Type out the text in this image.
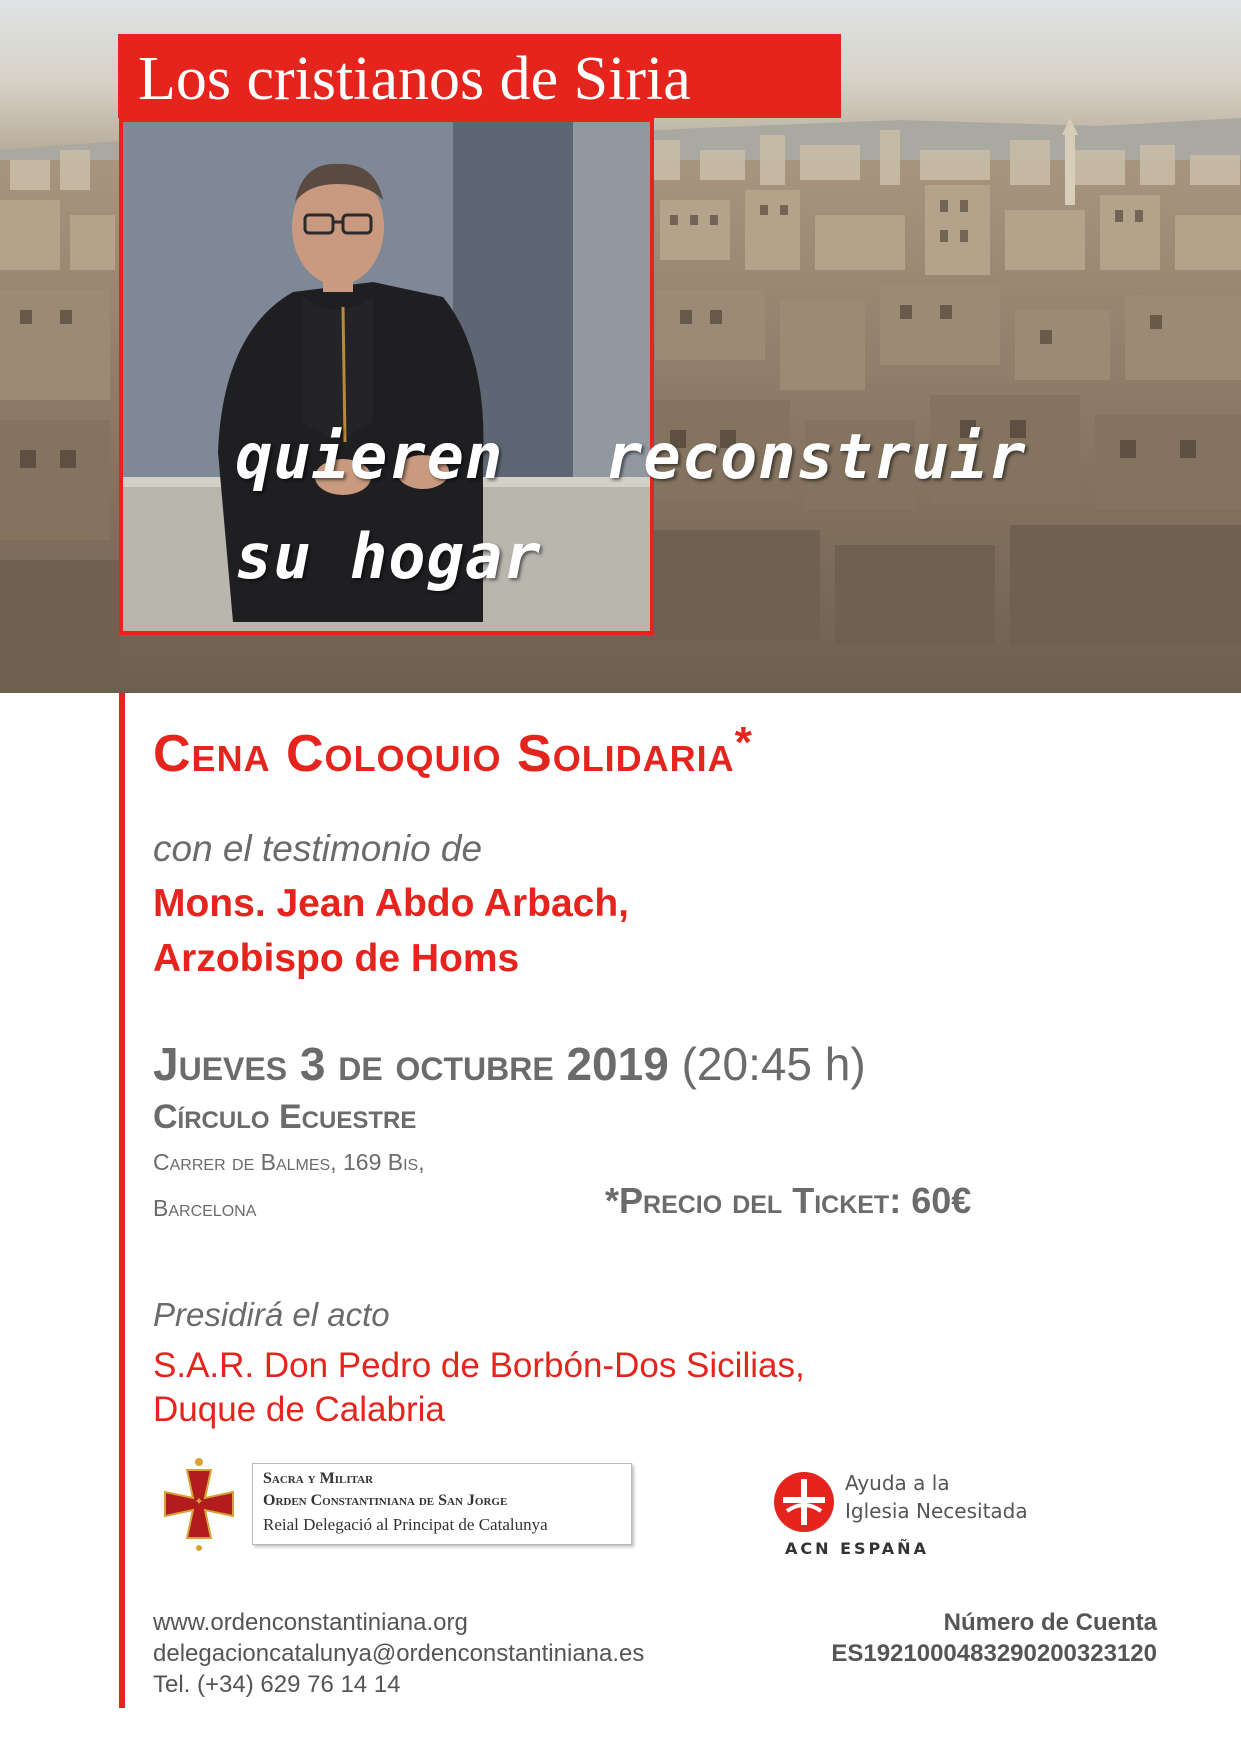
Los cristianos de Siria
quieren reconstruir
su hogar
Cena Coloquio Solidaria*
con el testimonio de
Mons. Jean Abdo Arbach,
Arzobispo de Homs
Jueves 3 de octubre 2019 (20:45 h)
Círculo Ecuestre
Carrer de Balmes, 169 Bis,
Barcelona	*Precio del Ticket: 60€
Presidirá el acto
S.A.R. Don Pedro de Borbón-Dos Sicilias,
Duque de Calabria
✦
Sacra y Militar
Orden Constantiniana de San Jorge
Reial Delegació al Principat de Catalunya
Ayuda a la
Iglesia Necesitada
ACN ESPAÑA
www.ordenconstantiniana.org
delegacioncatalunya@ordenconstantiniana.es
Tel. (+34) 629 76 14 14
Número de Cuenta
ES1921000483290200323120
